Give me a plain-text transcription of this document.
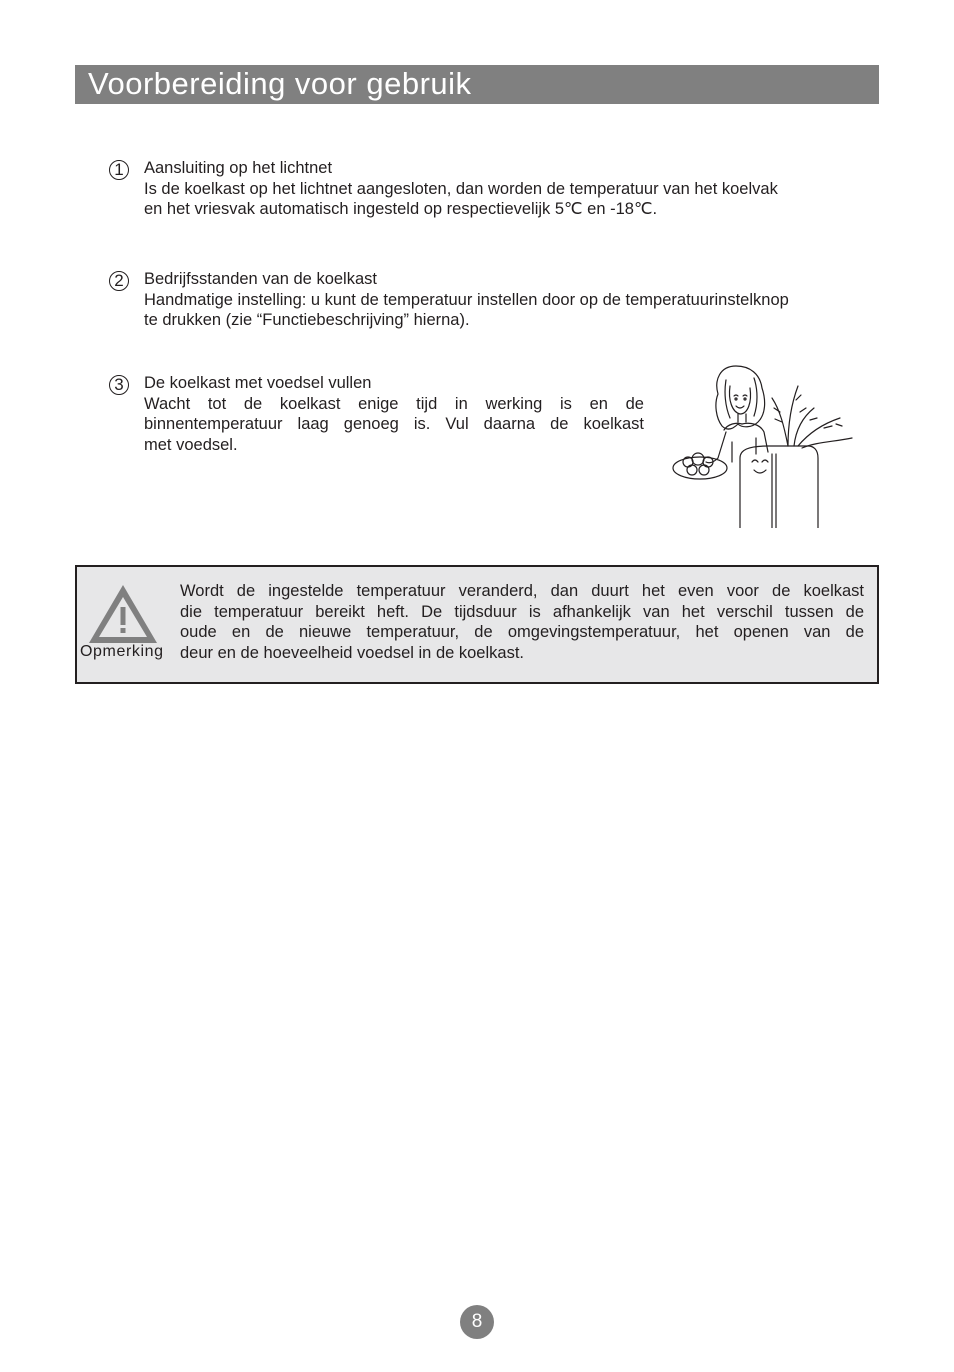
Voorbereiding voor gebruik
1	Aansluiting op het lichtnet
Is de koelkast op het lichtnet aangesloten, dan worden de temperatuur van het koelvak
en het vriesvak automatisch ingesteld op respectievelijk 5℃ en -18℃.
2	Bedrijfsstanden van de koelkast
Handmatige instelling: u kunt de temperatuur instellen door op de temperatuurinstelknop
te drukken (zie “Functiebeschrijving” hierna).
3	De koelkast met voedsel vullen
Wacht tot de koelkast enige tijd in werking is en de
binnentemperatuur laag genoeg is. Vul daarna de koelkast
met voedsel.
Opmerking
Wordt de ingestelde temperatuur veranderd, dan duurt het even voor de koelkast
die temperatuur bereikt heft. De tijdsduur is afhankelijk van het verschil tussen de
oude en de nieuwe temperatuur, de omgevingstemperatuur, het openen van de
deur en de hoeveelheid voedsel in de koelkast.
8
